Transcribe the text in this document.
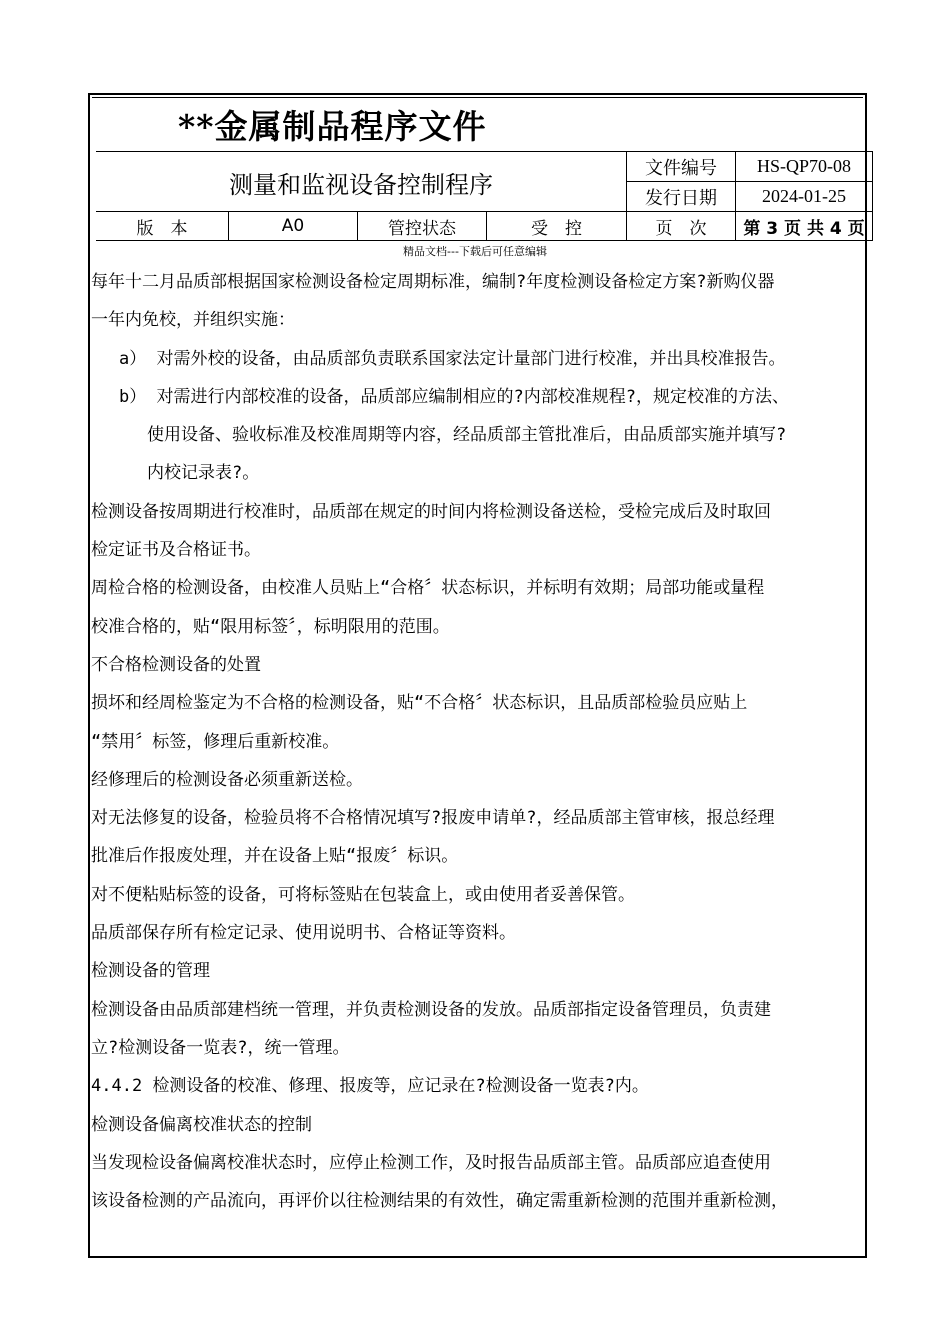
**金属制品程序文件
测量和监视设备控制程序
文件编号	HS-QP70-08
发行日期	2024-01-25
版　本	A0	管控状态	受　控	页　次	第 3 页 共 4 页
精品文档---下载后可任意编辑
每年十二月品质部根据国家检测设备检定周期标准，编制?年度检测设备检定方案?新购仪器
一年内免校，并组织实施：
a） 对需外校的设备，由品质部负责联系国家法定计量部门进行校准，并出具校准报告。
b） 对需进行内部校准的设备，品质部应编制相应的?内部校准规程?，规定校准的方法、
使用设备、验收标准及校准周期等内容，经品质部主管批准后，由品质部实施并填写?
内校记录表?。
检测设备按周期进行校准时，品质部在规定的时间内将检测设备送检，受检完成后及时取回
检定证书及合格证书。
周检合格的检测设备，由校准人员贴上“合格〞状态标识，并标明有效期；局部功能或量程
校准合格的，贴“限用标签〞，标明限用的范围。
不合格检测设备的处置
损坏和经周检鉴定为不合格的检测设备，贴“不合格〞状态标识，且品质部检验员应贴上
“禁用〞标签，修理后重新校准。
经修理后的检测设备必须重新送检。
对无法修复的设备，检验员将不合格情况填写?报废申请单?，经品质部主管审核，报总经理
批准后作报废处理，并在设备上贴“报废〞标识。
对不便粘贴标签的设备，可将标签贴在包装盒上，或由使用者妥善保管。
品质部保存所有检定记录、使用说明书、合格证等资料。
检测设备的管理
检测设备由品质部建档统一管理，并负责检测设备的发放。品质部指定设备管理员，负责建
立?检测设备一览表?，统一管理。
4.4.2 检测设备的校准、修理、报废等，应记录在?检测设备一览表?内。
检测设备偏离校准状态的控制
当发现检设备偏离校准状态时，应停止检测工作，及时报告品质部主管。品质部应追查使用
该设备检测的产品流向，再评价以往检测结果的有效性，确定需重新检测的范围并重新检测，
